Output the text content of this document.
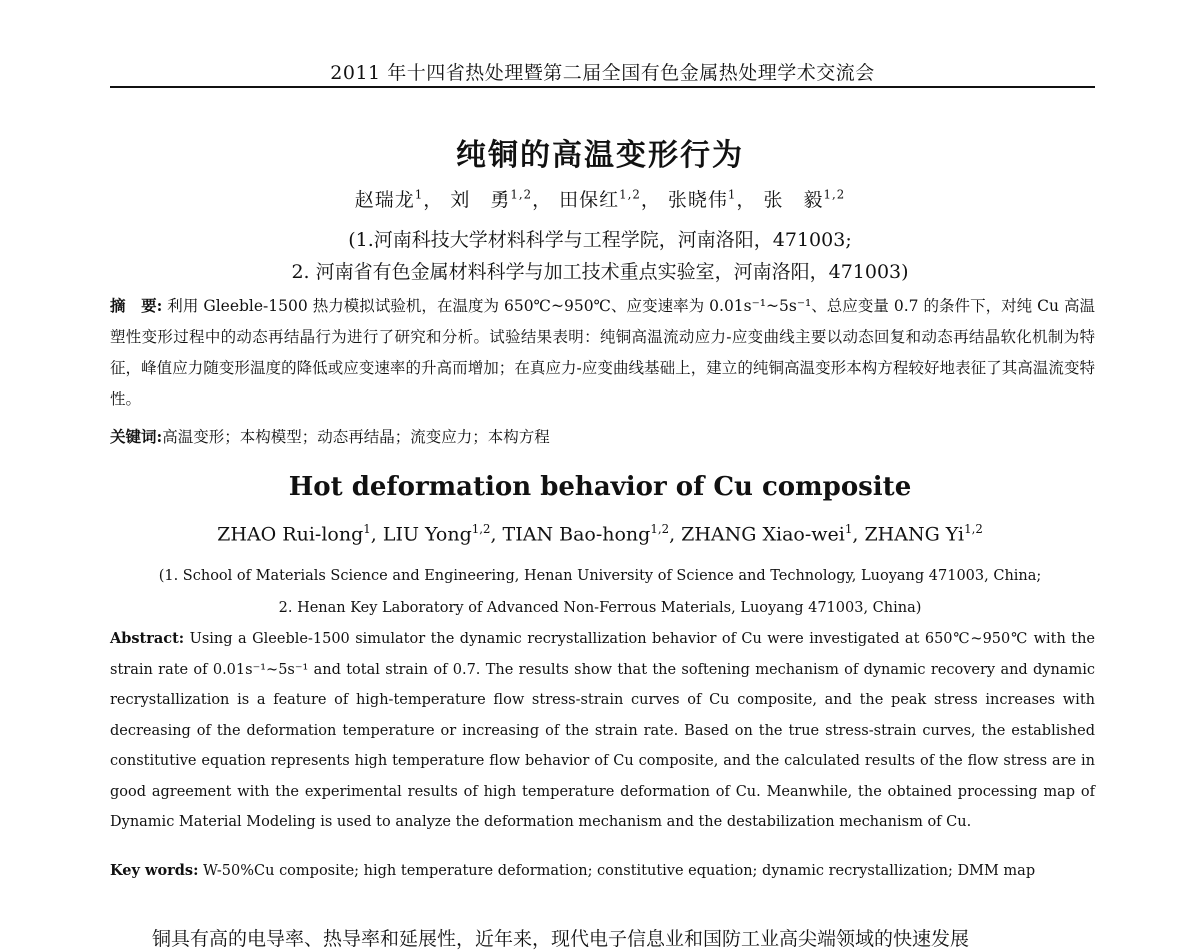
2011 年十四省热处理暨第二届全国有色金属热处理学术交流会
纯铜的高温变形行为
赵瑞龙$^1$， 刘　勇$^{1,2}$， 田保红$^{1,2}$， 张晓伟$^1$， 张　毅$^{1,2}$
(1.河南科技大学材料科学与工程学院，河南洛阳，471003;
2. 河南省有色金属材料科学与加工技术重点实验室，河南洛阳，471003)
摘　要: 利用 Gleeble-1500 热力模拟试验机，在温度为 650℃~950℃、应变速率为 0.01s⁻¹~5s⁻¹、总应变量 0.7 的条件下，对纯 Cu 高温塑性变形过程中的动态再结晶行为进行了研究和分析。试验结果表明：纯铜高温流动应力-应变曲线主要以动态回复和动态再结晶软化机制为特征，峰值应力随变形温度的降低或应变速率的升高而增加；在真应力-应变曲线基础上，建立的纯铜高温变形本构方程较好地表征了其高温流变特性。
关键词:高温变形；本构模型；动态再结晶；流变应力；本构方程
Hot deformation behavior of Cu composite
ZHAO Rui-long$^1$, LIU Yong$^{1,2}$, TIAN Bao-hong$^{1,2}$, ZHANG Xiao-wei$^1$, ZHANG Yi$^{1,2}$
(1. School of Materials Science and Engineering, Henan University of Science and Technology, Luoyang 471003, China;
2. Henan Key Laboratory of Advanced Non-Ferrous Materials, Luoyang 471003, China)
Abstract: Using a Gleeble-1500 simulator the dynamic recrystallization behavior of Cu were investigated at 650℃~950℃ with the strain rate of 0.01s⁻¹~5s⁻¹ and total strain of 0.7. The results show that the softening mechanism of dynamic recovery and dynamic recrystallization is a feature of high-temperature flow stress-strain curves of Cu composite, and the peak stress increases with decreasing of the deformation temperature or increasing of the strain rate. Based on the true stress-strain curves, the established constitutive equation represents high temperature flow behavior of Cu composite, and the calculated results of the flow stress are in good agreement with the experimental results of high temperature deformation of Cu. Meanwhile, the obtained processing map of Dynamic Material Modeling is used to analyze the deformation mechanism and the destabilization mechanism of Cu.
Key words: W-50%Cu composite; high temperature deformation; constitutive equation; dynamic recrystallization; DMM map
铜具有高的电导率、热导率和延展性，近年来，现代电子信息业和国防工业高尖端领域的快速发展
